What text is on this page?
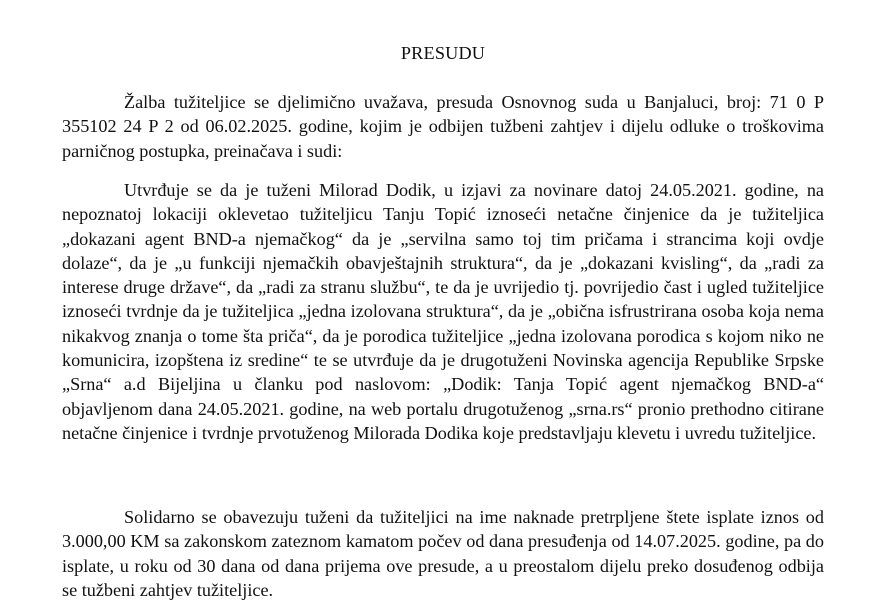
PRESUDU

Žalba tužiteljice se djelimično uvažava, presuda Osnovnog suda u Banjaluci, broj: 71 0 P 355102 24 P 2 od 06.02.2025. godine, kojim je odbijen tužbeni zahtjev i dijelu odluke o troškovima parničnog postupka, preinačava i sudi:

Utvrđuje se da je tuženi Milorad Dodik, u izjavi za novinare datoj 24.05.2021. godine, na nepoznatoj lokaciji oklevetao tužiteljicu Tanju Topić iznoseći netačne činjenice da je tužiteljica „dokazani agent BND-a njemačkog“ da je „servilna samo toj tim pričama i strancima koji ovdje dolaze“, da je „u funkciji njemačkih obavještajnih struktura“, da je „dokazani kvisling“, da „radi za interese druge države“, da „radi za stranu službu“, te da je uvrijedio tj. povrijedio čast i ugled tužiteljice iznoseći tvrdnje da je tužiteljica „jedna izolovana struktura“, da je „obična isfrustrirana osoba koja nema nikakvog znanja o tome šta priča“, da je porodica tužiteljice „jedna izolovana porodica s kojom niko ne komunicira, izopštena iz sredine“ te se utvrđuje da je drugotuženi Novinska agencija Republike Srpske „Srna“ a.d Bijeljina u članku pod naslovom: „Dodik: Tanja Topić agent njemačkog BND-a“ objavljenom dana 24.05.2021. godine, na web portalu drugotuženog „srna.rs“ pronio prethodno citirane netačne činjenice i tvrdnje prvotuženog Milorada Dodika koje predstavljaju klevetu i uvredu tužiteljice.

Solidarno se obavezuju tuženi da tužiteljici na ime naknade pretrpljene štete isplate iznos od 3.000,00 KM sa zakonskom zateznom kamatom počev od dana presuđenja od 14.07.2025. godine, pa do isplate, u roku od 30 dana od dana prijema ove presude, a u preostalom dijelu preko dosuđenog odbija se tužbeni zahtjev tužiteljice.
